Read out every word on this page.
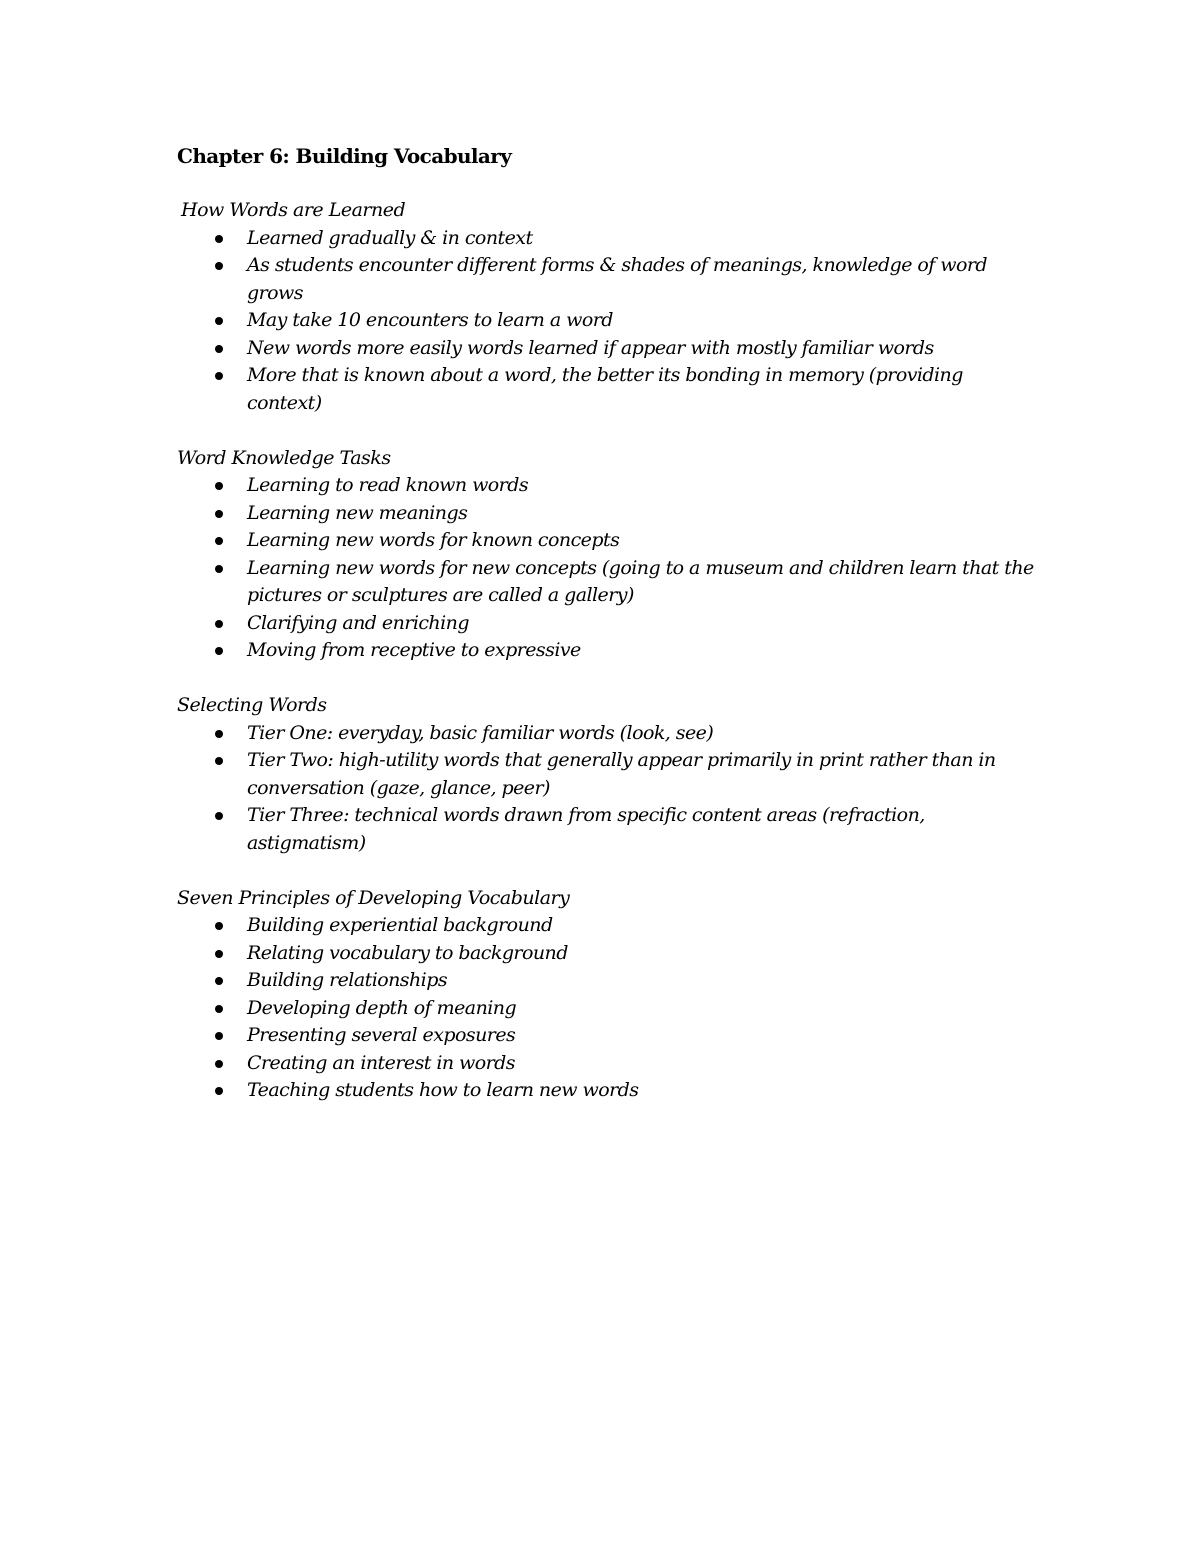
Chapter 6: Building Vocabulary

How Words are Learned

Learned gradually & in context
As students encounter different forms & shades of meanings, knowledge of word grows
May take 10 encounters to learn a word
New words more easily words learned if appear with mostly familiar words
More that is known about a word, the better its bonding in memory (providing context)

Word Knowledge Tasks

Learning to read known words
Learning new meanings
Learning new words for known concepts
Learning new words for new concepts (going to a museum and children learn that the pictures or sculptures are called a gallery)
Clarifying and enriching
Moving from receptive to expressive

Selecting Words

Tier One: everyday, basic familiar words (look, see)
Tier Two: high-utility words that generally appear primarily in print rather than in conversation (gaze, glance, peer)
Tier Three: technical words drawn from specific content areas (refraction, astigmatism)

Seven Principles of Developing Vocabulary

Building experiential background
Relating vocabulary to background
Building relationships
Developing depth of meaning
Presenting several exposures
Creating an interest in words
Teaching students how to learn new words
